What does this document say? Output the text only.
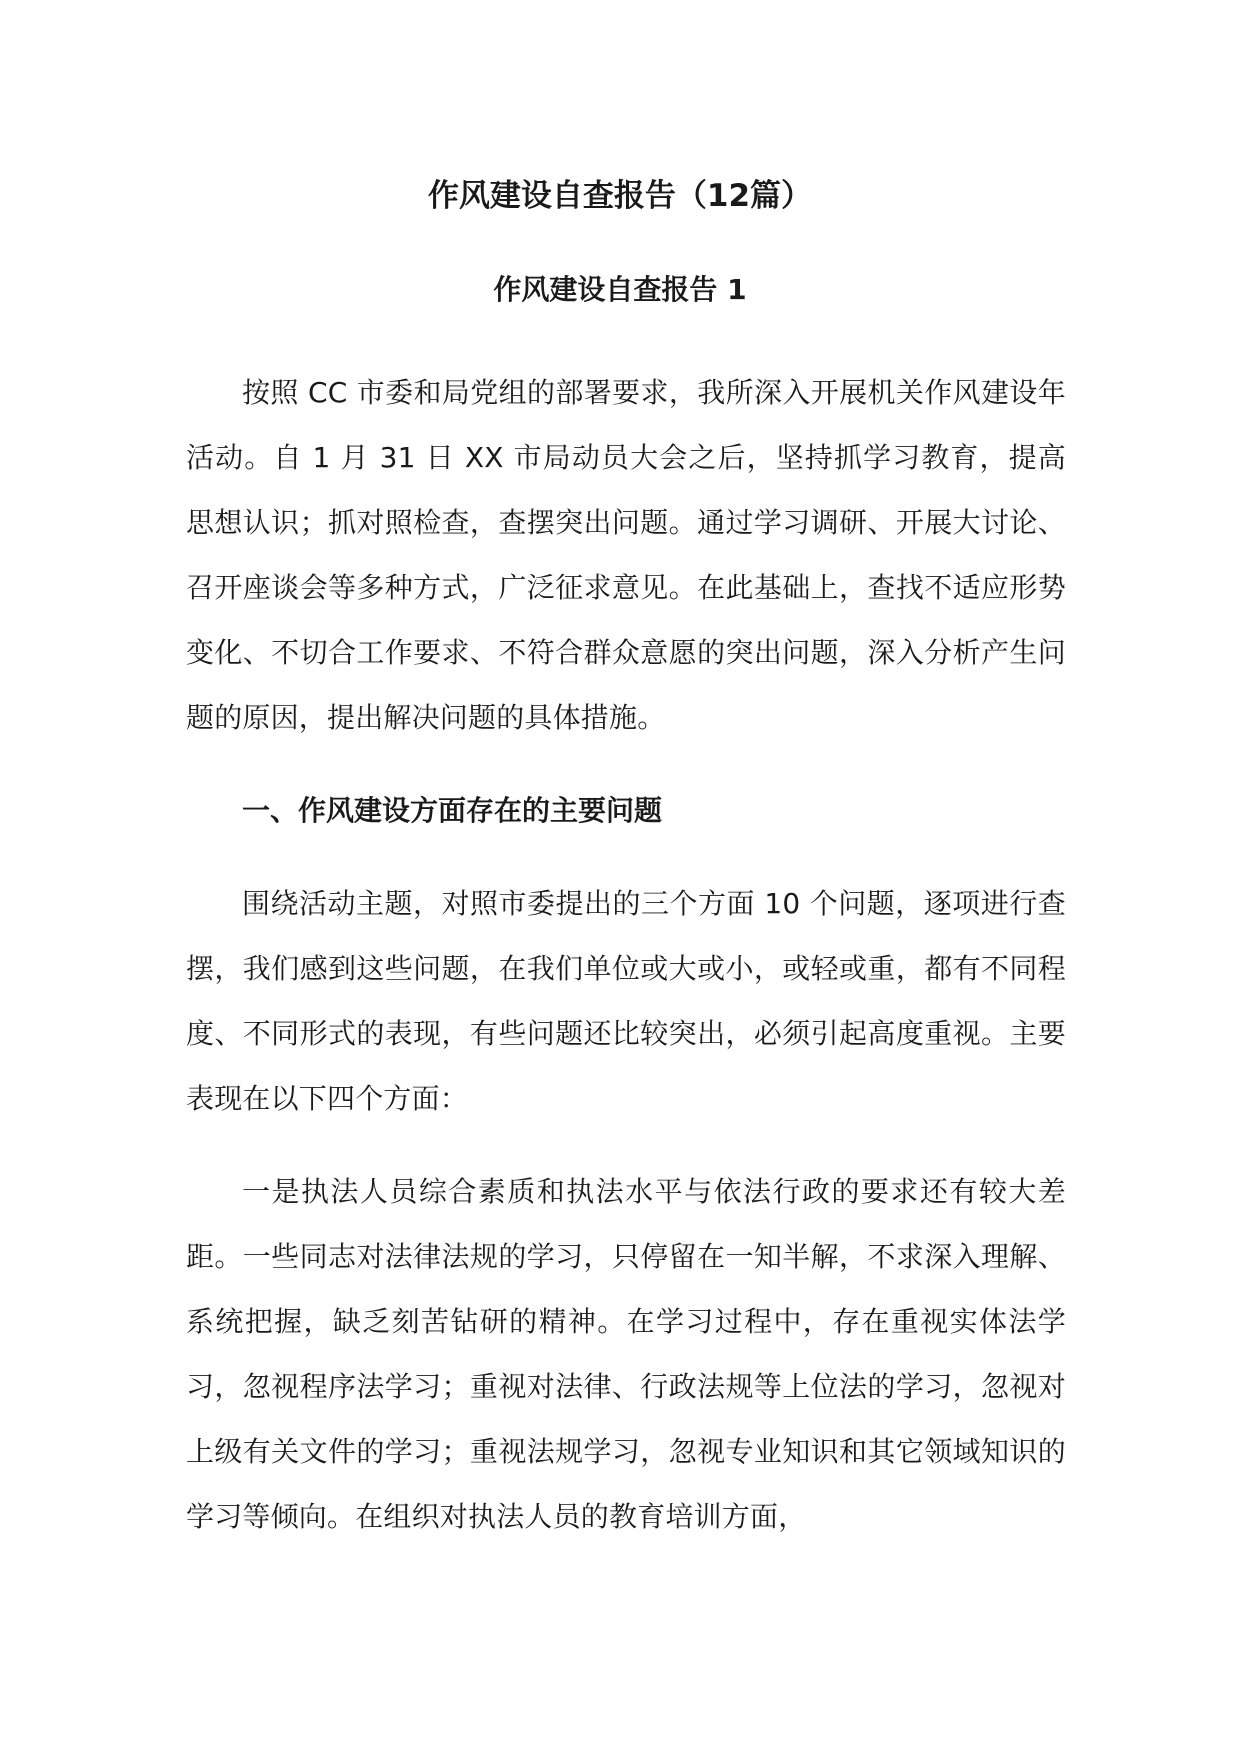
作风建设自查报告（12篇）
作风建设自查报告 1

按照 CC 市委和局党组的部署要求，我所深入开展机关作风建设年活动。自 1 月 31 日 XX 市局动员大会之后，坚持抓学习教育，提高思想认识；抓对照检查，查摆突出问题。通过学习调研、开展大讨论、召开座谈会等多种方式，广泛征求意见。在此基础上，查找不适应形势变化、不切合工作要求、不符合群众意愿的突出问题，深入分析产生问题的原因，提出解决问题的具体措施。

一、作风建设方面存在的主要问题

围绕活动主题，对照市委提出的三个方面 10 个问题，逐项进行查摆，我们感到这些问题，在我们单位或大或小，或轻或重，都有不同程度、不同形式的表现，有些问题还比较突出，必须引起高度重视。主要表现在以下四个方面：

一是执法人员综合素质和执法水平与依法行政的要求还有较大差距。一些同志对法律法规的学习，只停留在一知半解，不求深入理解、系统把握，缺乏刻苦钻研的精神。在学习过程中，存在重视实体法学习，忽视程序法学习；重视对法律、行政法规等上位法的学习，忽视对上级有关文件的学习；重视法规学习，忽视专业知识和其它领域知识的学习等倾向。在组织对执法人员的教育培训方面，
